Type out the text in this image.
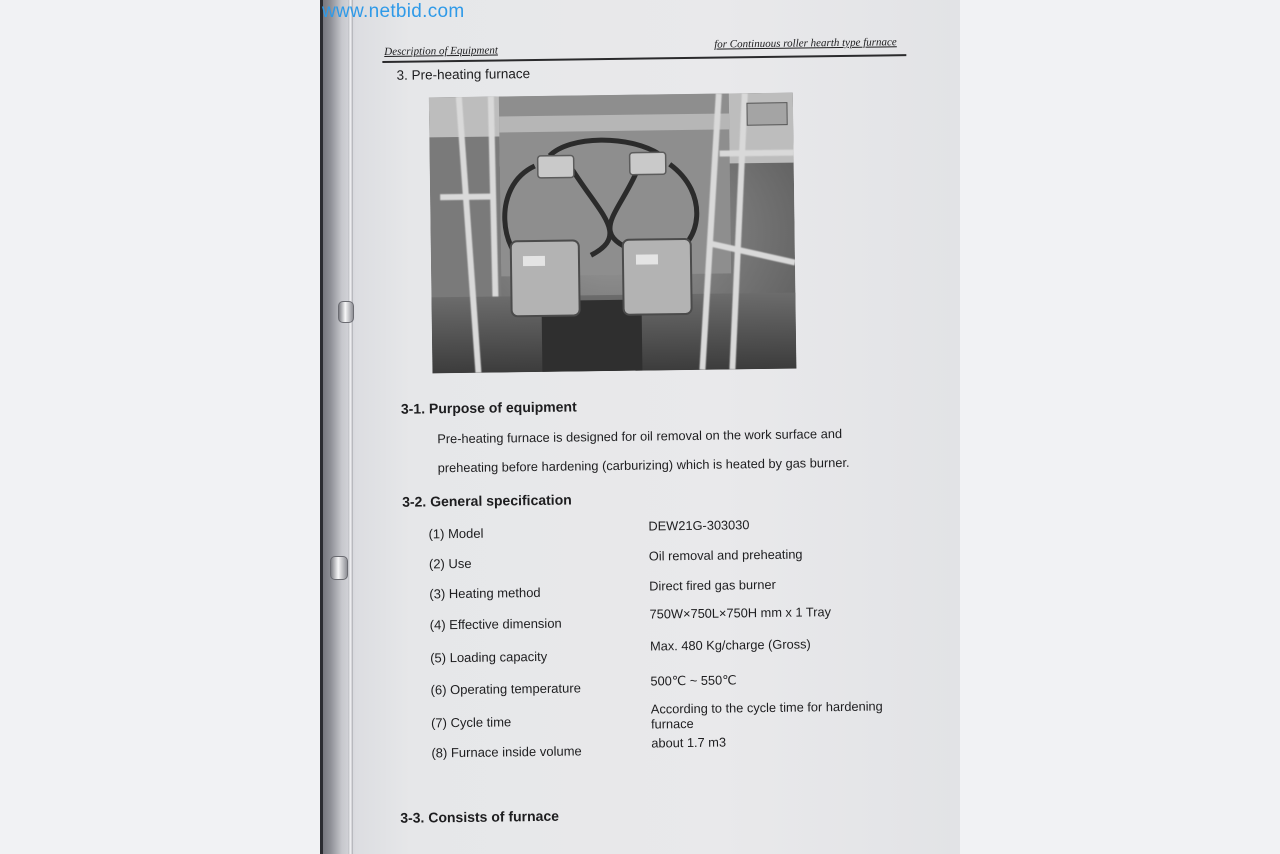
www.netbid.com
Description of Equipment
for Continuous roller hearth type furnace
3. Pre-heating furnace
3-1. Purpose of equipment
Pre-heating furnace is designed for oil removal on the work surface and
preheating before hardening (carburizing) which is heated by gas burner.
3-2. General specification
(1) Model
DEW21G-303030
(2) Use
Oil removal and preheating
(3) Heating method	Direct fired gas burner
(4) Effective dimension
750W×750L×750H mm x 1 Tray
(5) Loading capacity
Max. 480 Kg/charge (Gross)
(6) Operating temperature	500℃ ~ 550℃
(7) Cycle time
According to the cycle time for hardening furnace
(8) Furnace inside volume
about 1.7 m3
3-3. Consists of furnace
